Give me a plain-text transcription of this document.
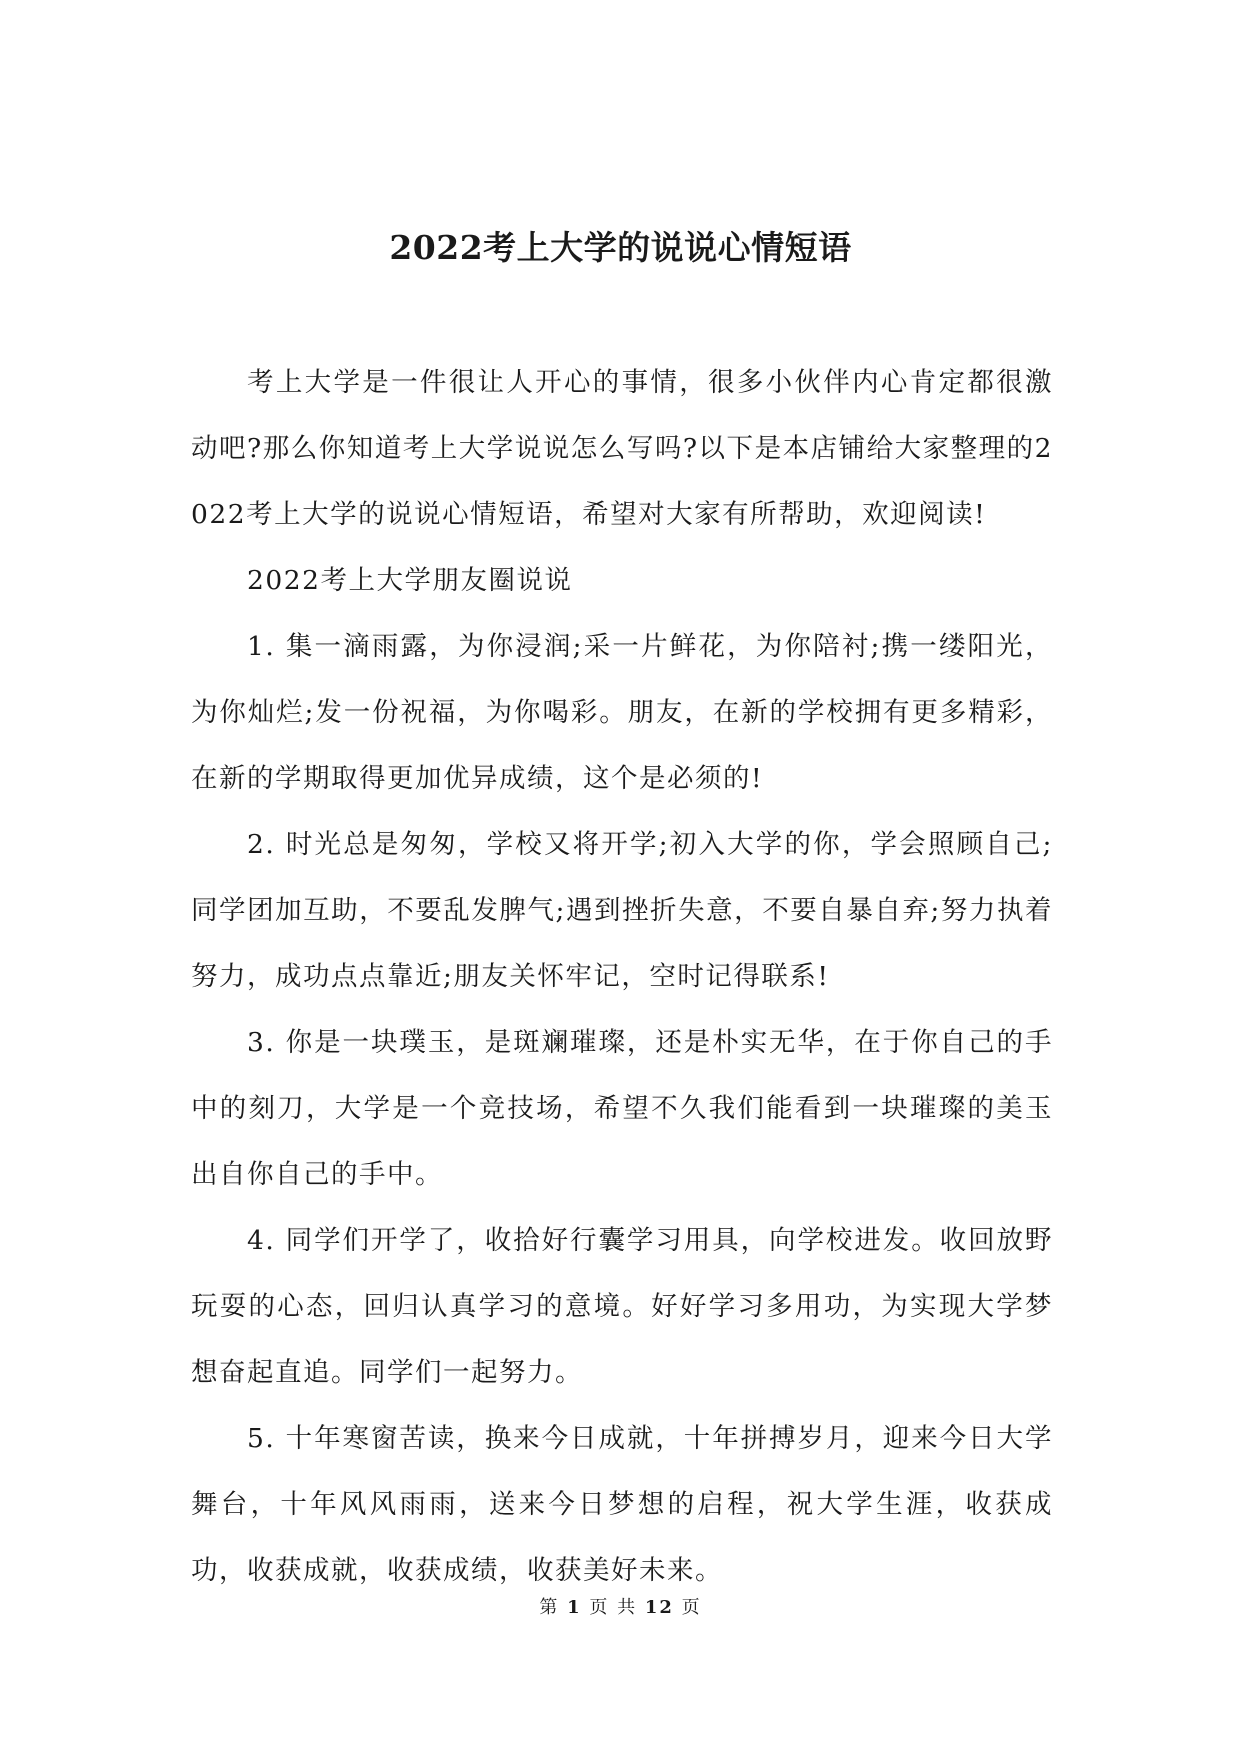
2022考上大学的说说心情短语

考上大学是一件很让人开心的事情，很多小伙伴内心肯定都很激动吧?那么你知道考上大学说说怎么写吗?以下是本店铺给大家整理的2022考上大学的说说心情短语，希望对大家有所帮助，欢迎阅读!

2022考上大学朋友圈说说

1. 集一滴雨露，为你浸润;采一片鲜花，为你陪衬;携一缕阳光，为你灿烂;发一份祝福，为你喝彩。朋友，在新的学校拥有更多精彩，在新的学期取得更加优异成绩，这个是必须的!

2. 时光总是匆匆，学校又将开学;初入大学的你，学会照顾自己;同学团加互助，不要乱发脾气;遇到挫折失意，不要自暴自弃;努力执着努力，成功点点靠近;朋友关怀牢记，空时记得联系!

3. 你是一块璞玉，是斑斓璀璨，还是朴实无华，在于你自己的手中的刻刀，大学是一个竞技场，希望不久我们能看到一块璀璨的美玉出自你自己的手中。

4. 同学们开学了，收拾好行囊学习用具，向学校进发。收回放野玩耍的心态，回归认真学习的意境。好好学习多用功，为实现大学梦想奋起直追。同学们一起努力。

5. 十年寒窗苦读，换来今日成就，十年拼搏岁月，迎来今日大学舞台，十年风风雨雨，送来今日梦想的启程，祝大学生涯，收获成功，收获成就，收获成绩，收获美好未来。

第 1 页 共 12 页
